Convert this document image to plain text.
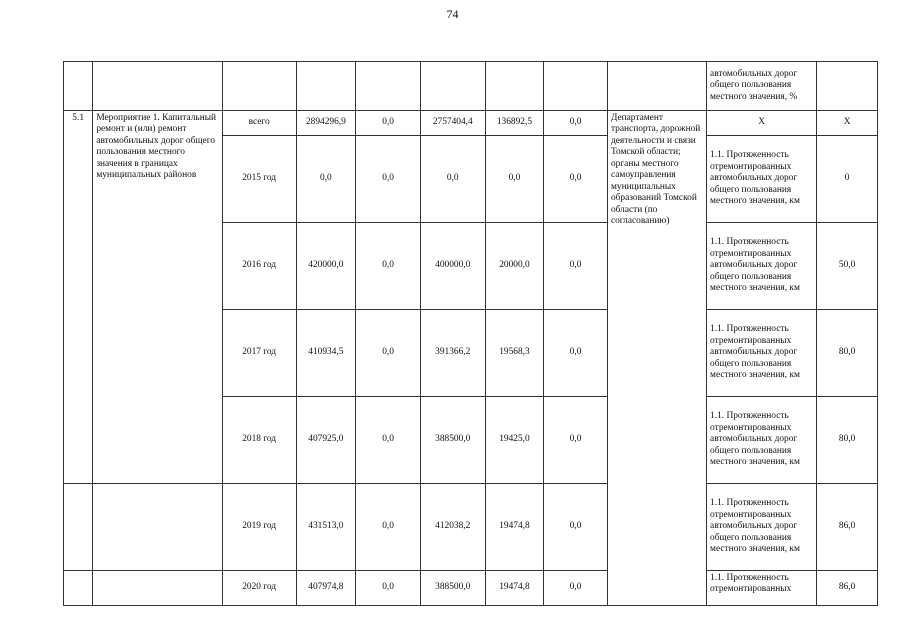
74
									автомобильных дорог общего пользования местного значения, %	
5.1	Мероприятие 1. Капитальный ремонт и (или) ремонт автомобильных дорог общего пользования местного значения в границах муниципальных районов	всего	2894296,9	0,0	2757404,4	136892,5	0,0	Департамент транспорта, дорожной деятельности и связи Томской области;
органы местного самоуправления муниципальных образований Томской области (по согласованию)	Х	Х
		2015 год	0,0	0,0	0,0	0,0	0,0		1.1. Протяженность отремонтированных автомобильных дорог общего пользования местного значения, км	0
		2016 год	420000,0	0,0	400000,0	20000,0	0,0		1.1. Протяженность отремонтированных автомобильных дорог общего пользования местного значения, км	50,0
		2017 год	410934,5	0,0	391366,2	19568,3	0,0		1.1. Протяженность отремонтированных автомобильных дорог общего пользования местного значения, км	80,0
		2018 год	407925,0	0,0	388500,0	19425,0	0,0		1.1. Протяженность отремонтированных автомобильных дорог общего пользования местного значения, км	80,0
		2019 год	431513,0	0,0	412038,2	19474,8	0,0		1.1. Протяженность отремонтированных автомобильных дорог общего пользования местного значения, км	86,0
		2020 год	407974,8	0,0	388500,0	19474,8	0,0		1.1. Протяженность отремонтированных	86,0
